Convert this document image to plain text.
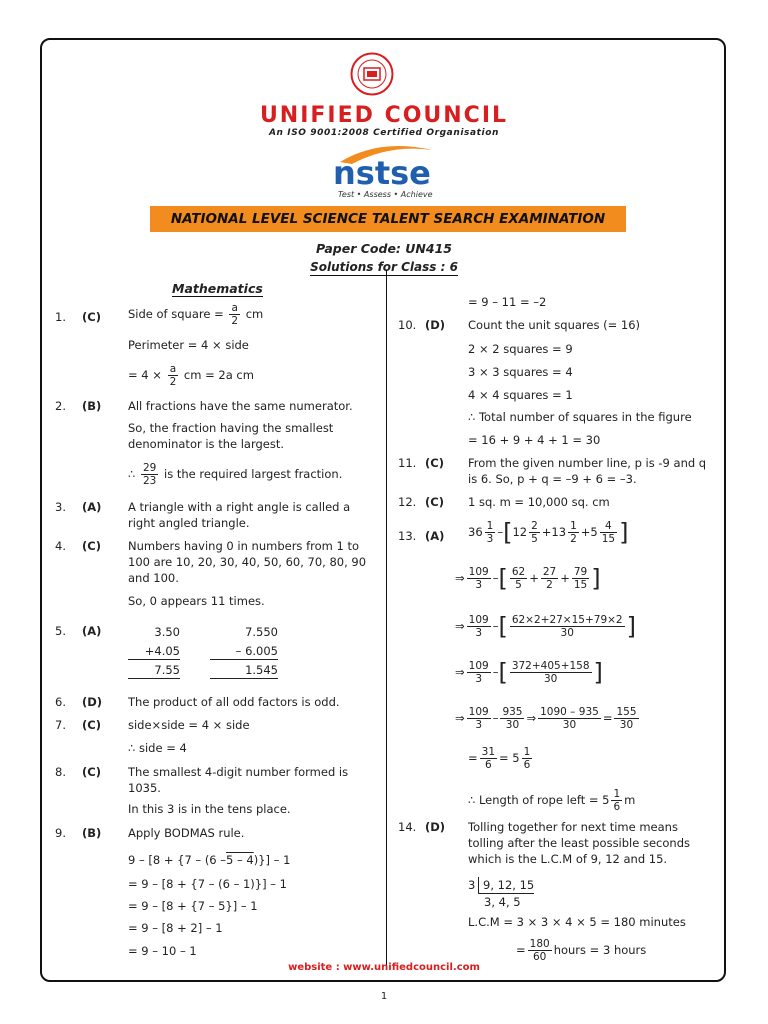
UNIFIED COUNCIL
An ISO 9001:2008 Certified Organisation
nstse
Test • Assess • Achieve
NATIONAL LEVEL SCIENCE TALENT SEARCH EXAMINATION
Paper Code: UN415
Solutions for Class : 6
Mathematics
1. (C) Side of square = $\frac{a}{2}$ cm
Perimeter = 4 × side
= $4 \times \frac{a}{2}$ cm = 2a cm
2. (B) All fractions have the same numerator.
So, the fraction having the smallest denominator is the largest.
∴ $\frac{29}{23}$ is the required largest fraction.
3. (A) A triangle with a right angle is called a right angled triangle.
4. (C) Numbers having 0 in numbers from 1 to 100 are 10, 20, 30, 40, 50, 60, 70, 80, 90 and 100.
So, 0 appears 11 times.
5. (A)	3.50
+4.05
7.55
7.550
– 6.005
1.545
6. (D) The product of all odd factors is odd.
7. (C) side×side = 4 × side
∴ side = 4
8. (C) The smallest 4-digit number formed is 1035.
In this 3 is in the tens place.
9. (B) Apply BODMAS rule.
9 – [8 + {7 – (6 –5 – 4)}] – 1
= 9 – [8 + {7 – (6 – 1)}] – 1
= 9 – [8 + {7 – 5}] – 1
= 9 – [8 + 2] – 1
= 9 – 10 – 1
= 9 – 11 = –2
10. (D) Count the unit squares (= 16)
2 × 2 squares = 9
3 × 3 squares = 4
4 × 4 squares = 1
∴ Total number of squares in the figure
= 16 + 9 + 4 + 1 = 30
11. (C) From the given number line, p is -9 and q is 6. So, p + q = –9 + 6 = –3.
12. (C) 1 sq. m = 10,000 sq. cm
13. (A) $36 \frac{1}{3} -[12 \frac{2}{5} +13 \frac{1}{2} +5 \frac{4}{15}$ ]
⇒ $\frac{109}{3}$ –[ $\frac{62}{5} + \frac{27}{2} + \frac{79}{15}$ ]
⇒ $\frac{109}{3}$ –[ $\frac{62\times 2+27\times 15+79\times 2}{30}$ ]
⇒ $\frac{109}{3}$ –[ $\frac{372+405+158}{30}$ ]
⇒ $\frac{109}{3} - \frac{935}{30}$ ⇒ $\frac{1090 - 935}{30} = \frac{155}{30}$
= $\frac{31}{6} = 5 \frac{1}{6}$
∴ Length of rope left = $5 \frac{1}{6}$ m
14. (D) Tolling together for next time means tolling after the least possible seconds which is the L.C.M of 9, 12 and 15.
3 9, 12, 15
3, 4, 5
L.C.M = 3 × 3 × 4 × 5 = 180 minutes
= $\frac{180}{60}$ hours = 3 hours
website : www.unifiedcouncil.com
1
